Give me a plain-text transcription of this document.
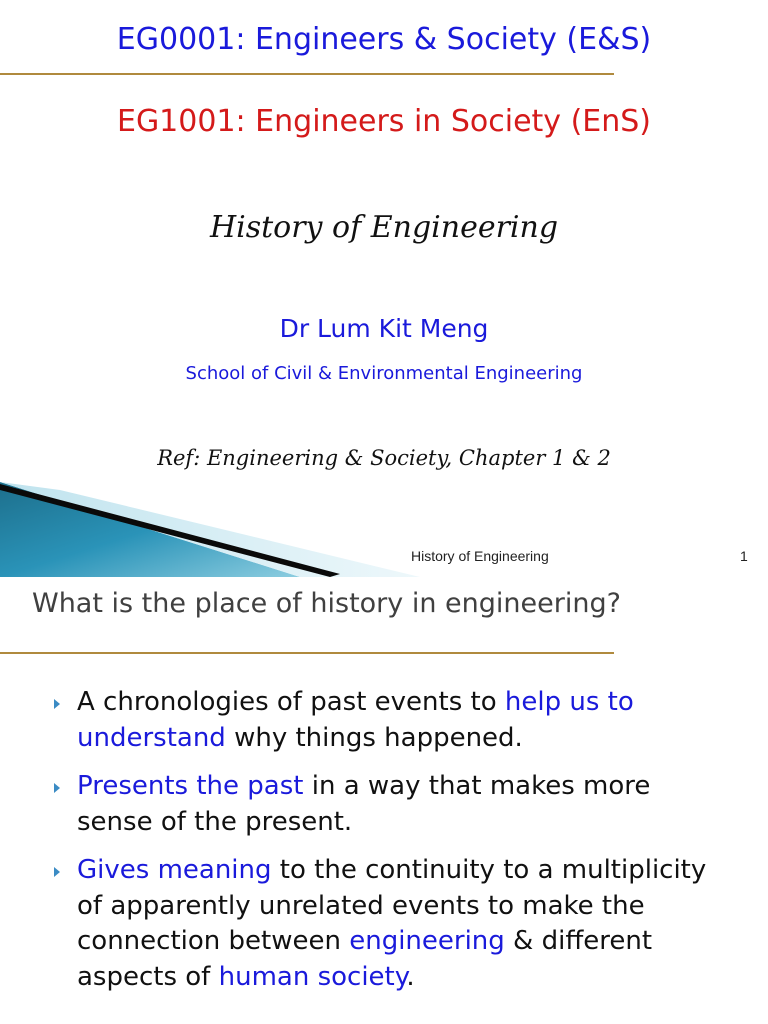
EG0001: Engineers & Society (E&S)
EG1001: Engineers in Society (EnS)
History of Engineering
Dr Lum Kit Meng
School of Civil & Environmental Engineering
Ref: Engineering & Society, Chapter 1 & 2
History of Engineering	1
What is the place of history in engineering?
A chronologies of past events to help us to understand why things happened.
Presents the past in a way that makes more sense of the present.
Gives meaning to the continuity to a multiplicity of apparently unrelated events to make the connection between engineering & different aspects of human society.
